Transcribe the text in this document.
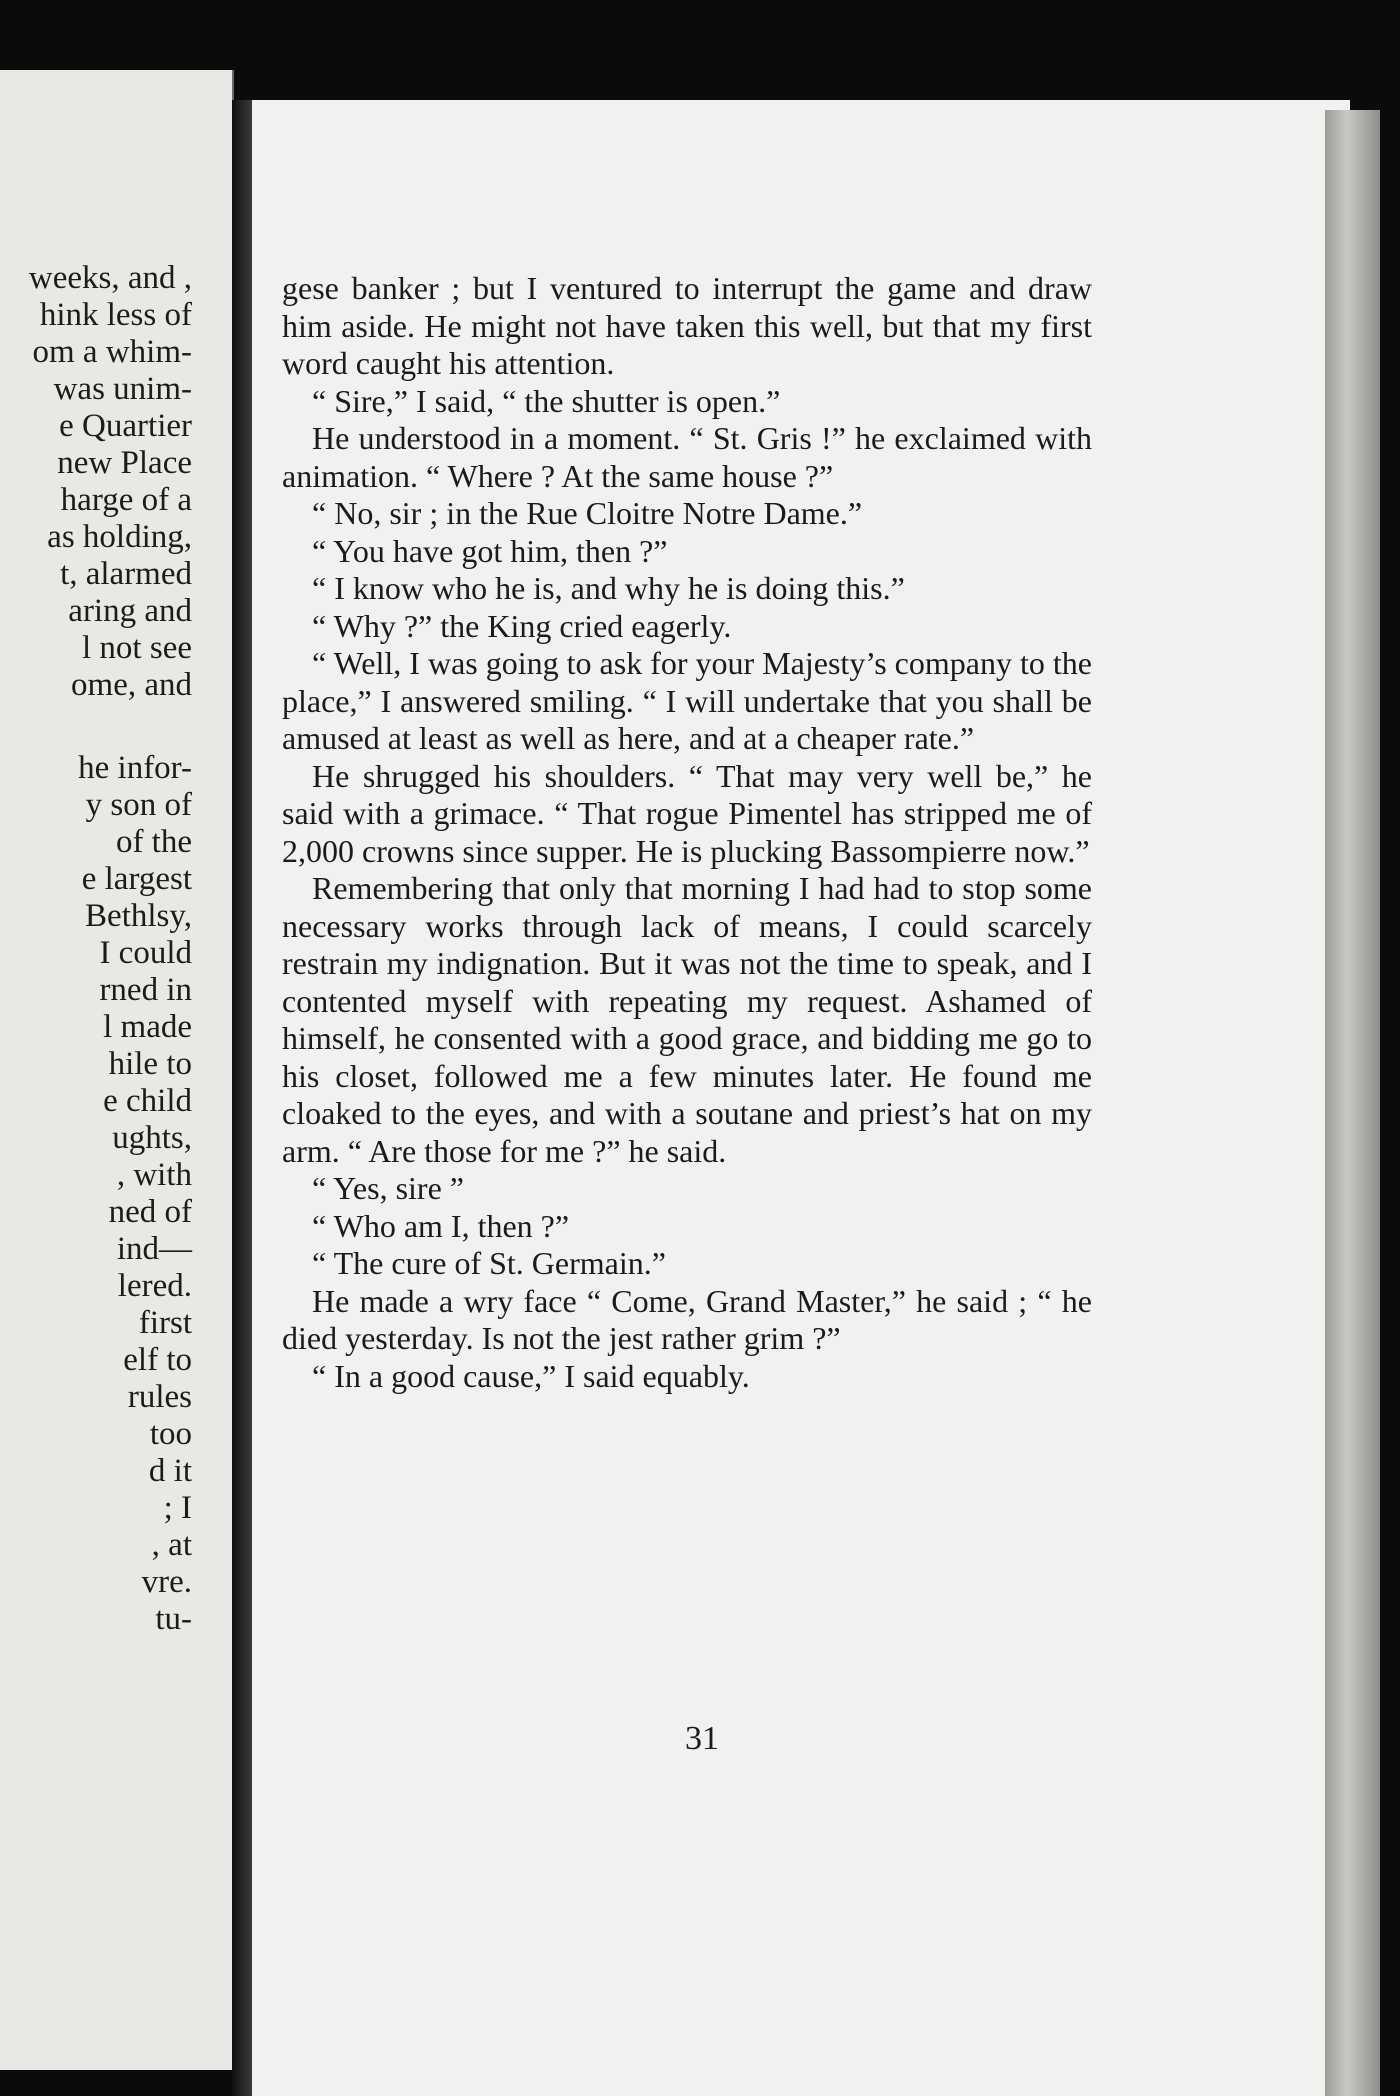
weeks, and ,
hink less of
om a whim-
was unim-
e Quartier
new Place
harge of a
as holding,
t, alarmed
aring and
l not see
ome, and
he infor-
y son of
of the
e largest
Bethlsy,
I could
rned in
l made
hile to
e child
ughts,
, with
ned of
ind—
lered.
first
elf to
rules
too
d it
; I
, at
vre.
tu-

gese banker ; but I ventured to interrupt the game and draw him aside. He might not have taken this well, but that my first word caught his attention.

“ Sire,” I said, “ the shutter is open.”

He understood in a moment. “ St. Gris !” he exclaimed with animation. “ Where ? At the same house ?”

“ No, sir ; in the Rue Cloitre Notre Dame.”

“ You have got him, then ?”

“ I know who he is, and why he is doing this.”

“ Why ?” the King cried eagerly.

“ Well, I was going to ask for your Majesty’s company to the place,” I answered smiling. “ I will undertake that you shall be amused at least as well as here, and at a cheaper rate.”

He shrugged his shoulders. “ That may very well be,” he said with a grimace. “ That rogue Pimentel has stripped me of 2,000 crowns since supper. He is plucking Bassompierre now.”

Remembering that only that morning I had had to stop some necessary works through lack of means, I could scarcely restrain my indignation. But it was not the time to speak, and I contented myself with repeating my request. Ashamed of himself, he consented with a good grace, and bidding me go to his closet, followed me a few minutes later. He found me cloaked to the eyes, and with a soutane and priest’s hat on my arm. “ Are those for me ?” he said.

“ Yes, sire ”

“ Who am I, then ?”

“ The cure of St. Germain.”

He made a wry face “ Come, Grand Master,” he said ; “ he died yesterday. Is not the jest rather grim ?”

“ In a good cause,” I said equably.

31
